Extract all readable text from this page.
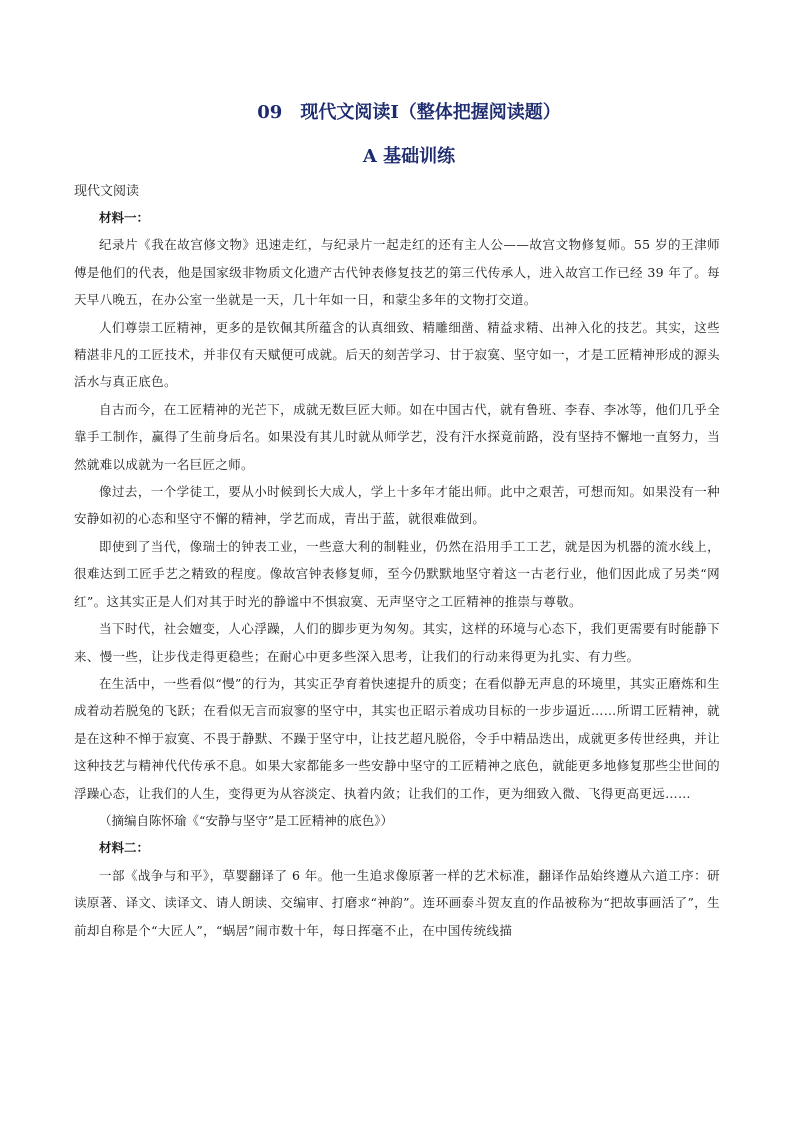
09　现代文阅读Ⅰ（整体把握阅读题）
A 基础训练
现代文阅读

材料一：

纪录片《我在故宫修文物》迅速走红，与纪录片一起走红的还有主人公——故宫文物修复师。55 岁的王津师傅是他们的代表，他是国家级非物质文化遗产古代钟表修复技艺的第三代传承人，进入故宫工作已经 39 年了。每天早八晚五，在办公室一坐就是一天，几十年如一日，和蒙尘多年的文物打交道。

人们尊崇工匠精神，更多的是钦佩其所蕴含的认真细致、精雕细凿、精益求精、出神入化的技艺。其实，这些精湛非凡的工匠技术，并非仅有天赋便可成就。后天的刻苦学习、甘于寂寞、坚守如一，才是工匠精神形成的源头活水与真正底色。

自古而今，在工匠精神的光芒下，成就无数巨匠大师。如在中国古代，就有鲁班、李春、李冰等，他们几乎全靠手工制作，赢得了生前身后名。如果没有其儿时就从师学艺，没有汗水探竟前路，没有坚持不懈地一直努力，当然就难以成就为一名巨匠之师。

像过去，一个学徒工，要从小时候到长大成人，学上十多年才能出师。此中之艰苦，可想而知。如果没有一种安静如初的心态和坚守不懈的精神，学艺而成，青出于蓝，就很难做到。

即使到了当代，像瑞士的钟表工业，一些意大利的制鞋业，仍然在沿用手工工艺，就是因为机器的流水线上，很难达到工匠手艺之精致的程度。像故宫钟表修复师，至今仍默默地坚守着这一古老行业，他们因此成了另类“网红”。这其实正是人们对其于时光的静谧中不惧寂寞、无声坚守之工匠精神的推崇与尊敬。

当下时代，社会嬗变，人心浮躁，人们的脚步更为匆匆。其实，这样的环境与心态下，我们更需要有时能静下来、慢一些，让步伐走得更稳些；在耐心中更多些深入思考，让我们的行动来得更为扎实、有力些。

在生活中，一些看似“慢”的行为，其实正孕育着快速提升的质变；在看似静无声息的环境里，其实正磨炼和生成着动若脱兔的飞跃；在看似无言而寂寥的坚守中，其实也正昭示着成功目标的一步步逼近……所谓工匠精神，就是在这种不惮于寂寞、不畏于静默、不躁于坚守中，让技艺超凡脱俗，令手中精品迭出，成就更多传世经典，并让这种技艺与精神代代传承不息。如果大家都能多一些安静中坚守的工匠精神之底色，就能更多地修复那些尘世间的浮躁心态，让我们的人生，变得更为从容淡定、执着内敛；让我们的工作，更为细致入微、飞得更高更远……

（摘编自陈怀瑜《“安静与坚守”是工匠精神的底色》）

材料二：

一部《战争与和平》，草婴翻译了 6 年。他一生追求像原著一样的艺术标准，翻译作品始终遵从六道工序：研读原著、译文、读译文、请人朗读、交编审、打磨求“神韵”。连环画泰斗贺友直的作品被称为“把故事画活了”，生前却自称是个“大匠人”，“蜗居”闹市数十年，每日挥毫不止，在中国传统线描
